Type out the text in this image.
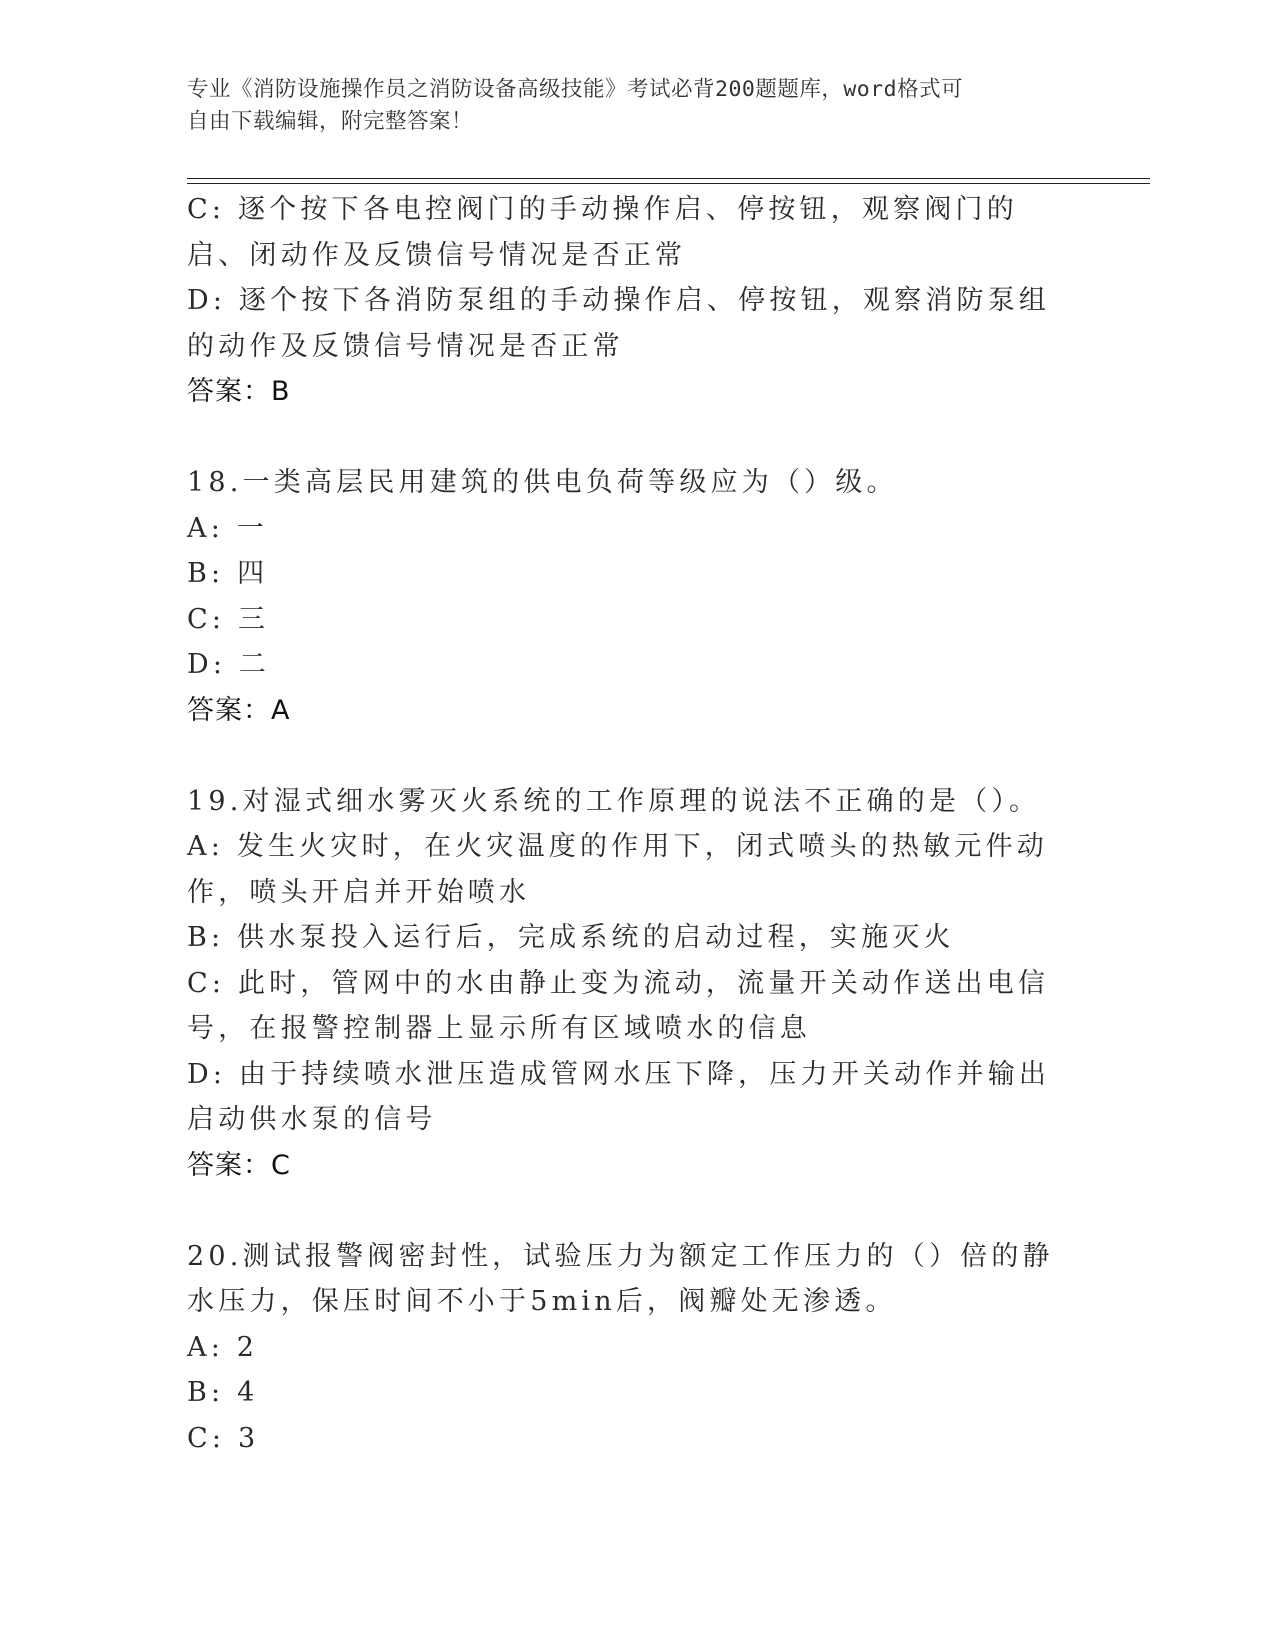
专业《消防设施操作员之消防设备高级技能》考试必背200题题库，word格式可
自由下载编辑，附完整答案！

C: 逐个按下各电控阀门的手动操作启、停按钮，观察阀门的启、闭动作及反馈信号情况是否正常

D: 逐个按下各消防泵组的手动操作启、停按钮，观察消防泵组的动作及反馈信号情况是否正常

答案：B

18.一类高层民用建筑的供电负荷等级应为（）级。

A: 一

B: 四

C: 三

D: 二

答案：A

19.对湿式细水雾灭火系统的工作原理的说法不正确的是（）。

A: 发生火灾时，在火灾温度的作用下，闭式喷头的热敏元件动作，喷头开启并开始喷水

B: 供水泵投入运行后，完成系统的启动过程，实施灭火

C: 此时，管网中的水由静止变为流动，流量开关动作送出电信号，在报警控制器上显示所有区域喷水的信息

D: 由于持续喷水泄压造成管网水压下降，压力开关动作并输出启动供水泵的信号

答案：C

20.测试报警阀密封性，试验压力为额定工作压力的（）倍的静水压力，保压时间不小于5min后，阀瓣处无渗透。

A: 2

B: 4

C: 3
